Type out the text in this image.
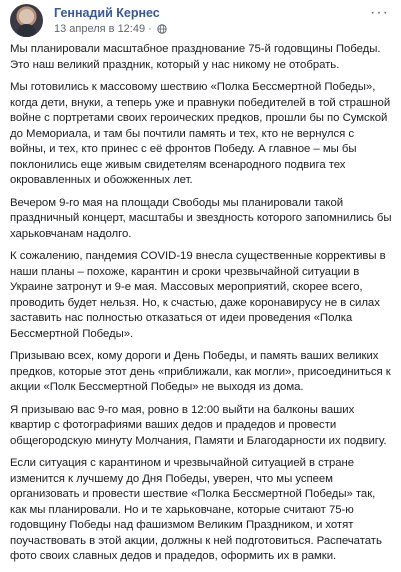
Геннадий Кернес
13 апреля в 12:49 ·
···

Мы планировали масштабное празднование 75-й годовщины Победы. Это наш великий праздник, который у нас никому не отобрать.

Мы готовились к массовому шествию «Полка Бессмертной Победы», когда дети, внуки, а теперь уже и правнуки победителей в той страшной войне с портретами своих героических предков, прошли бы по Сумской до Мемориала, и там бы почтили память и тех, кто не вернулся с войны, и тех, кто принес с её фронтов Победу. А главное – мы бы поклонились еще живым свидетелям всенародного подвига тех окровавленных и обожженных лет.

Вечером 9-го мая на площади Свободы мы планировали такой праздничный концерт, масштабы и звездность которого запомнились бы харьковчанам надолго.

К сожалению, пандемия COVID-19 внесла существенные коррективы в наши планы – похоже, карантин и сроки чрезвычайной ситуации в Украине затронут и 9-е мая. Массовых мероприятий, скорее всего, проводить будет нельзя. Но, к счастью, даже коронавирусу не в силах заставить нас полностью отказаться от идеи проведения «Полка Бессмертной Победы».

Призываю всех, кому дороги и День Победы, и память ваших великих предков, которые этот день «приближали, как могли», присоединиться к акции «Полк Бессмертной Победы» не выходя из дома.

Я призываю вас 9-го мая, ровно в 12:00 выйти на балконы ваших квартир с фотографиями ваших дедов и прадедов и провести общегородскую минуту Молчания, Памяти и Благодарности их подвигу.

Если ситуация с карантином и чрезвычайной ситуацией в стране изменится к лучшему до Дня Победы, уверен, что мы успеем организовать и провести шествие «Полка Бессмертной Победы» так, как мы планировали. Но и те харьковчане, которые считают 75-ю годовщину Победы над фашизмом Великим Праздником, и хотят поучаствовать в этой акции, должны к ней подготовиться. Распечатать фото своих славных дедов и прадедов, оформить их в рамки.
